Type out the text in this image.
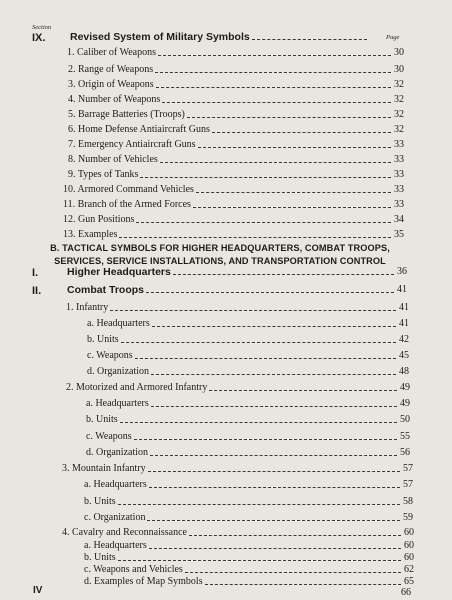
Section
Page
IX. Revised System of Military Symbols
1. Caliber of Weapons	30
2. Range of Weapons	30
3. Origin of Weapons	32
4. Number of Weapons	32
5. Barrage Batteries (Troops)	32
6. Home Defense Antiaircraft Guns	32
7. Emergency Antiaircraft Guns	33
8. Number of Vehicles	33
9. Types of Tanks	33
10. Armored Command Vehicles	33
11. Branch of the Armed Forces	33
12. Gun Positions	34
13. Examples	35
B. TACTICAL SYMBOLS FOR HIGHER HEADQUARTERS, COMBAT TROOPS,
SERVICES, SERVICE INSTALLATIONS, AND TRANSPORTATION CONTROL
I.	Higher Headquarters	36
II. Combat Troops	41
1. Infantry	41
a. Headquarters	41
b. Units	42
c. Weapons	45
d. Organization	48
2. Motorized and Armored Infantry	49
a. Headquarters	49
b. Units	50
c. Weapons	55
d. Organization	56
3. Mountain Infantry	57
a. Headquarters	57
b. Units	58
c. Organization	59
4. Cavalry and Reconnaissance	60
a. Headquarters	60
b. Units	60
c. Weapons and Vehicles	62
IV
d. Examples of Map Symbols	65
66
